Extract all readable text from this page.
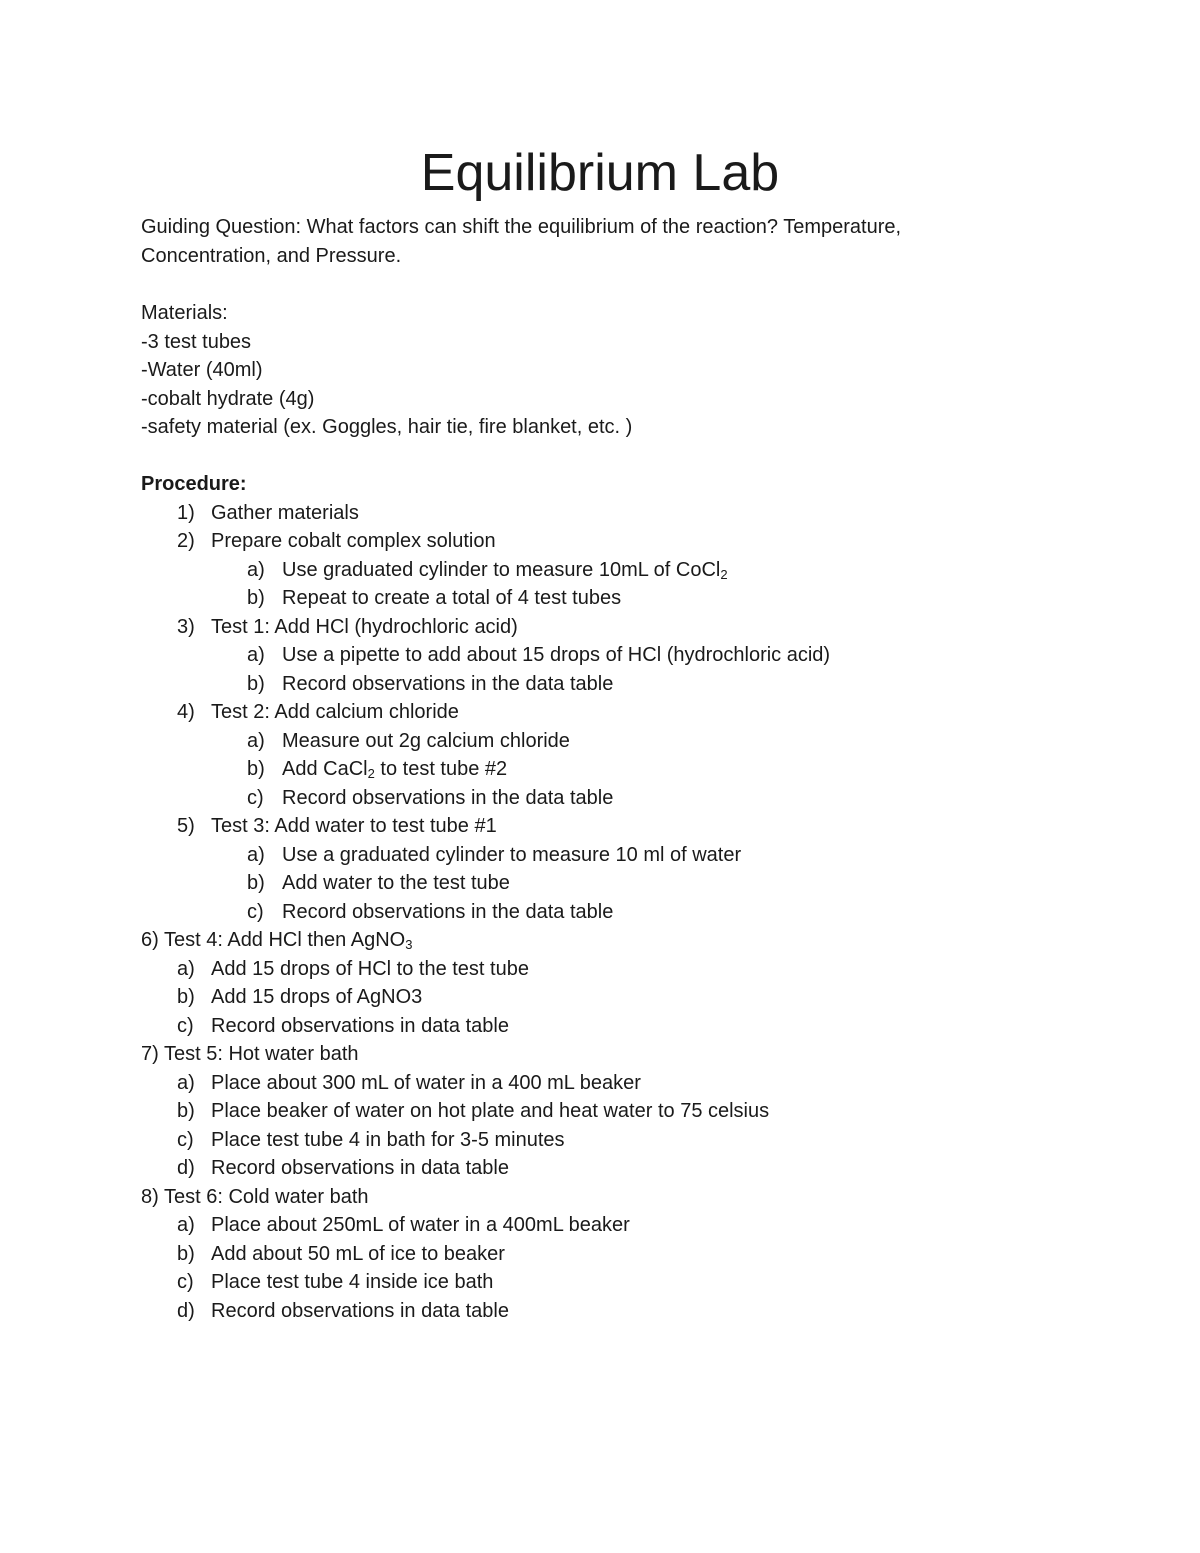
Equilibrium Lab

Guiding Question: What factors can shift the equilibrium of the reaction? Temperature, Concentration, and Pressure.

Materials:
-3 test tubes
-Water (40ml)
-cobalt hydrate (4g)
-safety material (ex. Goggles, hair tie, fire blanket, etc. )
Procedure:
1) Gather materials
2) Prepare cobalt complex solution
a) Use graduated cylinder to measure 10mL of CoCl$_2$
b) Repeat to create a total of 4 test tubes
3) Test 1: Add HCl (hydrochloric acid)
a) Use a pipette to add about 15 drops of HCl (hydrochloric acid)
b) Record observations in the data table
4) Test 2: Add calcium chloride
a) Measure out 2g calcium chloride
b) Add CaCl$_2$ to test tube #2
c) Record observations in the data table
5) Test 3: Add water to test tube #1
a) Use a graduated cylinder to measure 10 ml of water
b) Add water to the test tube
c) Record observations in the data table
6) Test 4: Add HCl then AgNO$_3$
a) Add 15 drops of HCl to the test tube
b) Add 15 drops of AgNO3
c) Record observations in data table
7) Test 5: Hot water bath
a) Place about 300 mL of water in a 400 mL beaker
b) Place beaker of water on hot plate and heat water to 75 celsius
c) Place test tube 4 in bath for 3-5 minutes
d) Record observations in data table
8) Test 6: Cold water bath
a) Place about 250mL of water in a 400mL beaker
b) Add about 50 mL of ice to beaker
c) Place test tube 4 inside ice bath
d) Record observations in data table
